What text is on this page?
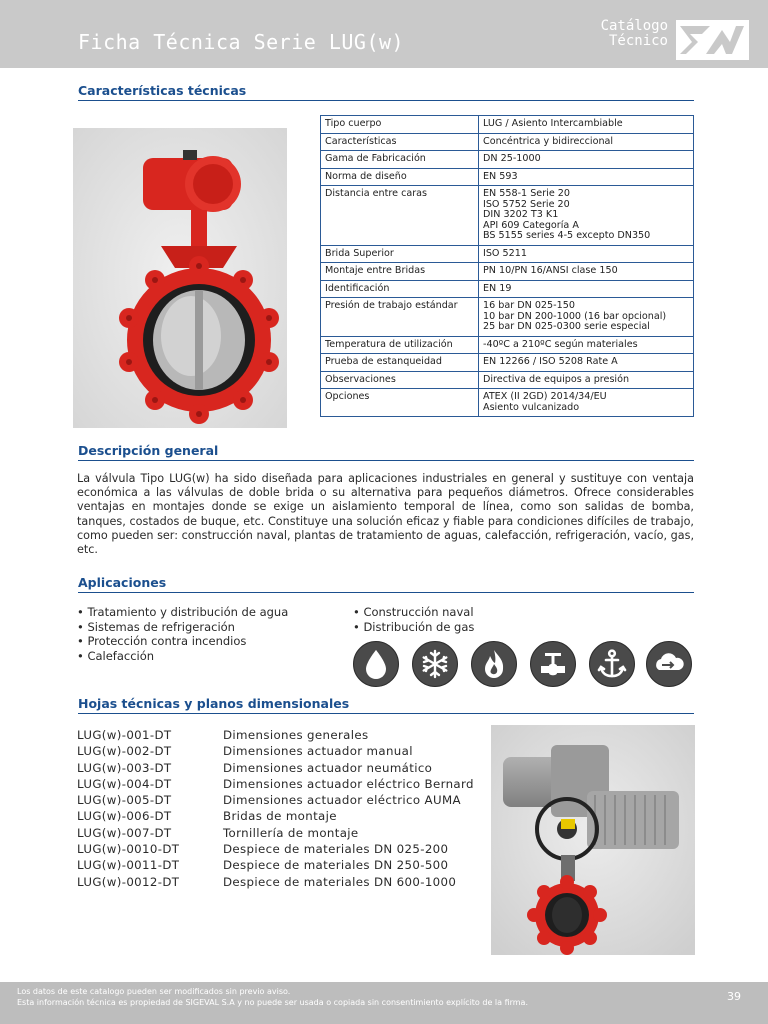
Ficha Técnica Serie LUG(w)
Catálogo
Técnico
Características técnicas
Tipo cuerpo	LUG / Asiento Intercambiable
Características	Concéntrica y bidireccional
Gama de Fabricación	DN 25-1000
Norma de diseño	EN 593
Distancia entre caras	EN 558-1 Serie 20
ISO 5752 Serie 20
DIN 3202 T3 K1
API 609 Categoría A
BS 5155 series 4-5 excepto DN350
Brida Superior	ISO 5211
Montaje entre Bridas	PN 10/PN 16/ANSI clase 150
Identificación	EN 19
Presión de trabajo estándar	16 bar DN 025-150
10 bar DN 200-1000 (16 bar opcional)
25 bar DN 025-0300 serie especial
Temperatura de utilización	-40ºC a 210ºC según materiales
Prueba de estanqueidad	EN 12266 / ISO 5208 Rate A
Observaciones	Directiva de equipos a presión
Opciones	ATEX (II 2GD) 2014/34/EU
Asiento vulcanizado
Descripción general
La válvula Tipo LUG(w) ha sido diseñada para aplicaciones industriales en general y sustituye con ventaja económica a las válvulas de doble brida o su alternativa para pequeños diámetros. Ofrece considerables ventajas en montajes donde se exige un aislamiento temporal de línea, como son salidas de bomba, tanques, costados de buque, etc. Constituye una solución eficaz y fiable para condiciones difíciles de trabajo, como pueden ser: construcción naval, plantas de tratamiento de aguas, calefacción, refrigeración, vacío, gas, etc.
Aplicaciones
• Tratamiento y distribución de agua
• Sistemas de refrigeración
• Protección contra incendios
• Calefacción
• Construcción naval
• Distribución de gas
Hojas técnicas y planos dimensionales
LUG(w)-001-DT	Dimensiones generales
LUG(w)-002-DT	Dimensiones actuador manual
LUG(w)-003-DT	Dimensiones actuador neumático
LUG(w)-004-DT	Dimensiones actuador eléctrico Bernard
LUG(w)-005-DT	Dimensiones actuador eléctrico AUMA
LUG(w)-006-DT	Bridas de montaje
LUG(w)-007-DT	Tornillería de montaje
LUG(w)-0010-DT	Despiece de materiales DN 025-200
LUG(w)-0011-DT	Despiece de materiales DN 250-500
LUG(w)-0012-DT	Despiece de materiales DN 600-1000
Los datos de este catalogo pueden ser modificados sin previo aviso.
Esta información técnica es propiedad de SIGEVAL S.A y no puede ser usada o copiada sin consentimiento explícito de la firma.	39
